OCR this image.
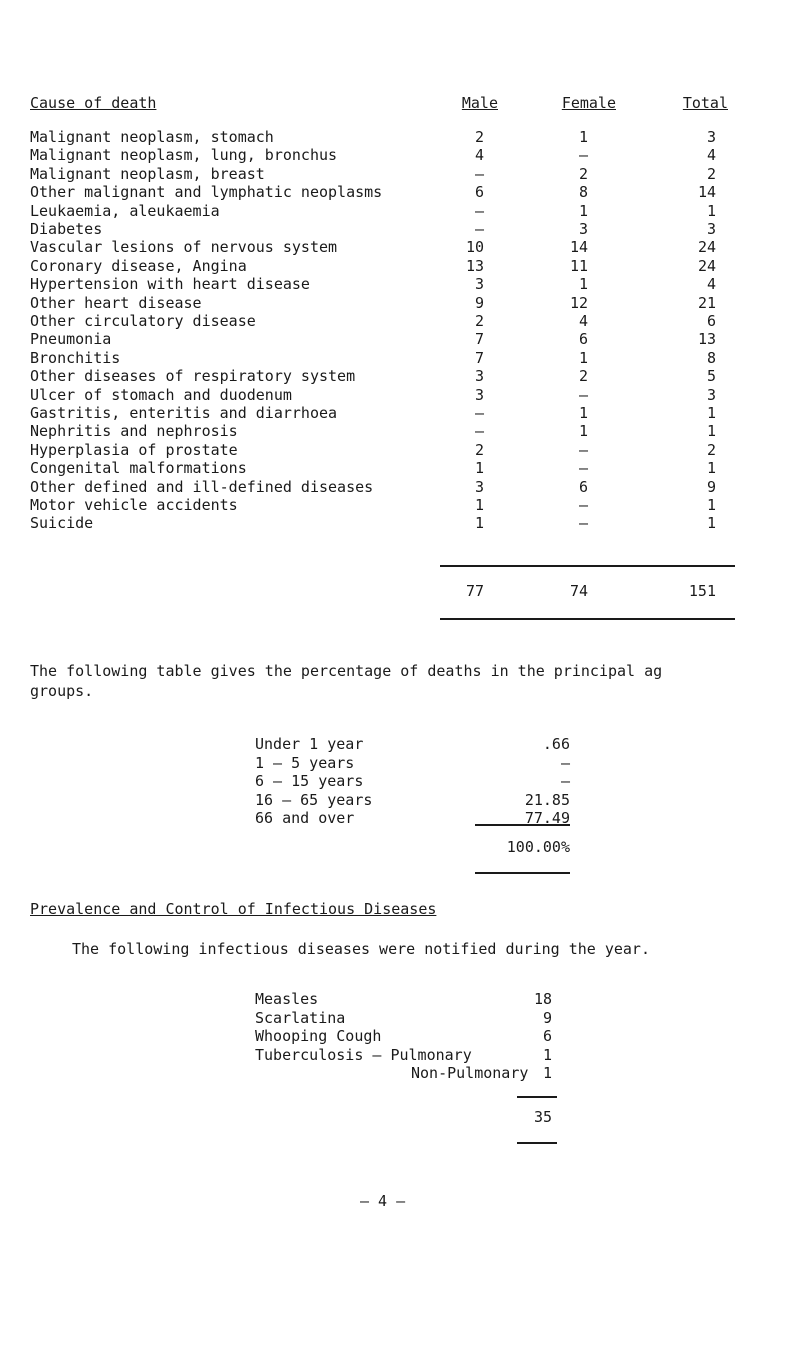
Cause of death	Male	Female	Total
Malignant neoplasm, stomach	2	1	3
Malignant neoplasm, lung, bronchus	4	–	4
Malignant neoplasm, breast	–	2	2
Other malignant and lymphatic neoplasms	6	8	14
Leukaemia, aleukaemia	–	1	1
Diabetes	–	3	3
Vascular lesions of nervous system	10	14	24
Coronary disease, Angina	13	11	24
Hypertension with heart disease	3	1	4
Other heart disease	9	12	21
Other circulatory disease	2	4	6
Pneumonia	7	6	13
Bronchitis	7	1	8
Other diseases of respiratory system	3	2	5
Ulcer of stomach and duodenum	3	–	3
Gastritis, enteritis and diarrhoea	–	1	1
Nephritis and nephrosis	–	1	1
Hyperplasia of prostate	2	–	2
Congenital malformations	1	–	1
Other defined and ill-defined diseases	3	6	9
Motor vehicle accidents	1	–	1
Suicide	1	–	1
77	74	151
The following table gives the percentage of deaths in the principal ag
groups.
Under 1 year	.66
1 – 5 years	–
6 – 15 years	–
16 – 65 years	21.85
66 and over	77.49
100.00%
Prevalence and Control of Infectious Diseases
The following infectious diseases were notified during the year.
Measles	18
Scarlatina	9
Whooping Cough	6
Tuberculosis – Pulmonary	1
Non-Pulmonary 1
35
– 4 –
